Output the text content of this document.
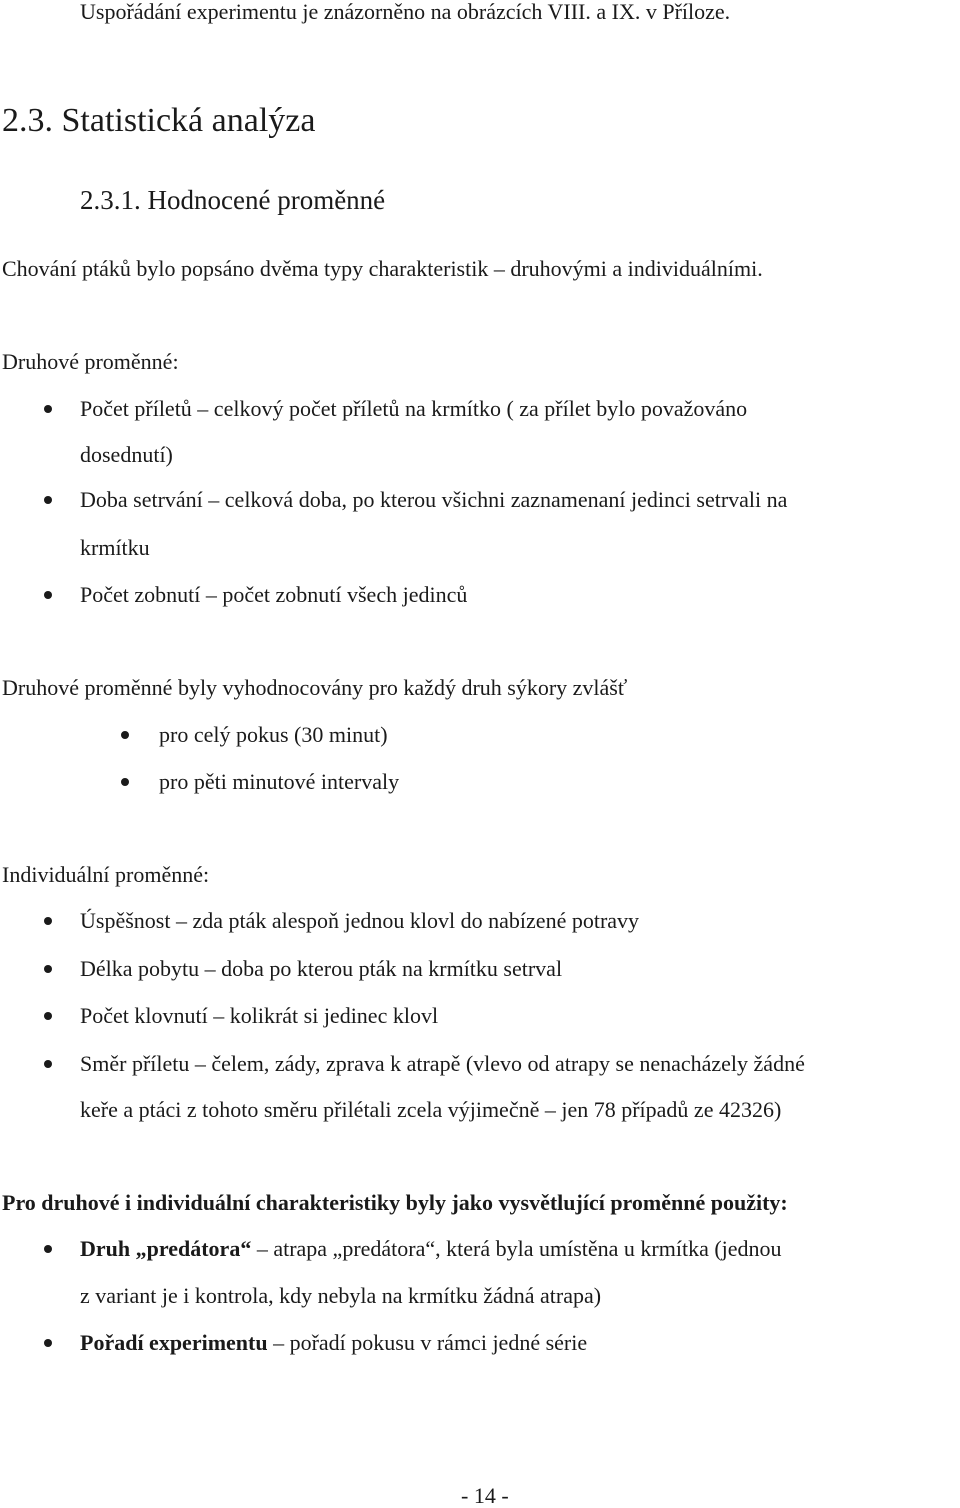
Uspořádání experimentu je znázorněno na obrázcích VIII. a IX. v Příloze.
2.3. Statistická analýza
2.3.1. Hodnocené proměnné
Chování ptáků bylo popsáno dvěma typy charakteristik – druhovými a individuálními.
Druhové proměnné:
Počet příletů – celkový počet příletů na krmítko ( za přílet bylo považováno
dosednutí)
Doba setrvání – celková doba, po kterou všichni zaznamenaní jedinci setrvali na
krmítku
Počet zobnutí – počet zobnutí všech jedinců
Druhové proměnné byly vyhodnocovány pro každý druh sýkory zvlášť
pro celý pokus (30 minut)
pro pěti minutové intervaly
Individuální proměnné:
Úspěšnost – zda pták alespoň jednou klovl do nabízené potravy
Délka pobytu – doba po kterou pták na krmítku setrval
Počet klovnutí – kolikrát si jedinec klovl
Směr příletu – čelem, zády, zprava k atrapě (vlevo od atrapy se nenacházely žádné
keře a ptáci z tohoto směru přilétali zcela výjimečně – jen 78 případů ze 42326)
Pro druhové i individuální charakteristiky byly jako vysvětlující proměnné použity:
Druh „predátora“ – atrapa „predátora“, která byla umístěna u krmítka (jednou
z variant je i kontrola, kdy nebyla na krmítku žádná atrapa)
Pořadí experimentu – pořadí pokusu v rámci jedné série
- 14 -
